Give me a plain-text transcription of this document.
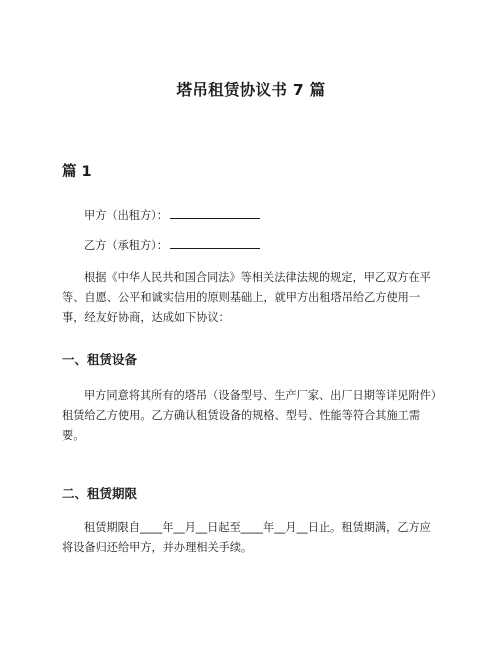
塔吊租赁协议书 7 篇
篇 1
甲方（出租方）：
乙方（承租方）：

根据《中华人民共和国合同法》等相关法律法规的规定，甲乙双方在平等、自愿、公平和诚实信用的原则基础上，就甲方出租塔吊给乙方使用一事，经友好协商，达成如下协议：

一、租赁设备

甲方同意将其所有的塔吊（设备型号、生产厂家、出厂日期等详见附件）租赁给乙方使用。乙方确认租赁设备的规格、型号、性能等符合其施工需要。

二、租赁期限

租赁期限自____年__月__日起至____年__月__日止。租赁期满，乙方应将设备归还给甲方，并办理相关手续。
